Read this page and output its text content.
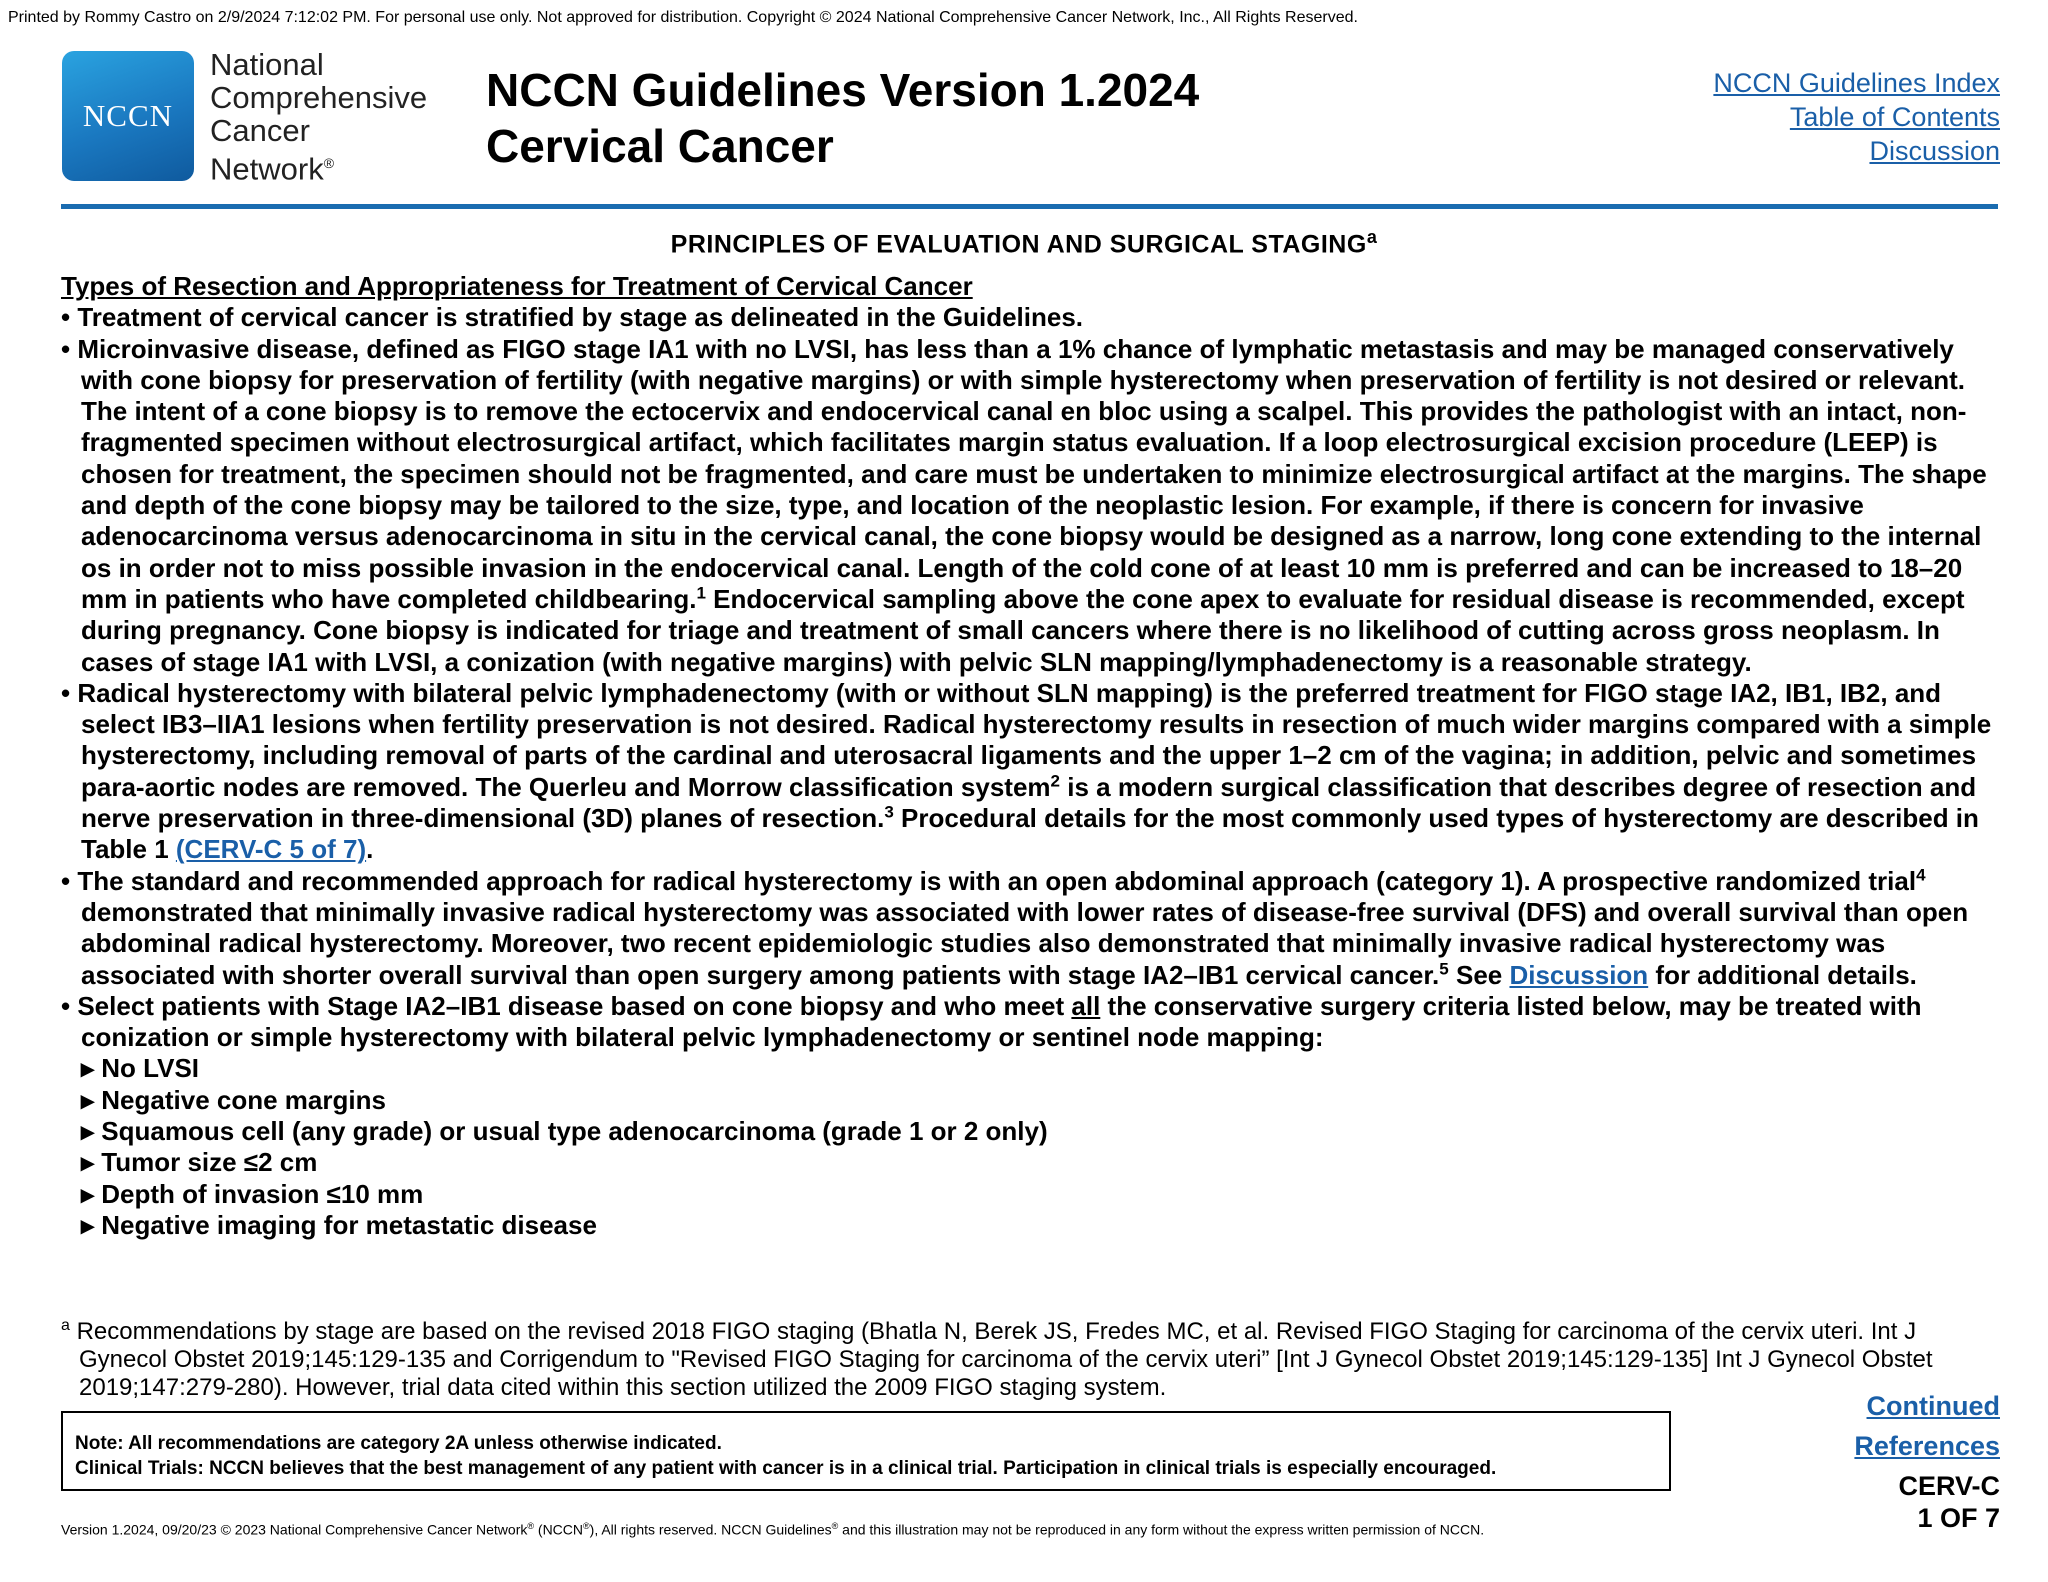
Printed by Rommy Castro on 2/9/2024 7:12:02 PM. For personal use only. Not approved for distribution. Copyright © 2024 National Comprehensive Cancer Network, Inc., All Rights Reserved.
NCCN
National
Comprehensive
Cancer
Network®
NCCN Guidelines Version 1.2024
Cervical Cancer
NCCN Guidelines Index
Table of Contents
Discussion
PRINCIPLES OF EVALUATION AND SURGICAL STAGING$^a$
Types of Resection and Appropriateness for Treatment of Cervical Cancer
• Treatment of cervical cancer is stratified by stage as delineated in the Guidelines.
• Microinvasive disease, defined as FIGO stage IA1 with no LVSI, has less than a 1% chance of lymphatic metastasis and may be managed conservatively with cone biopsy for preservation of fertility (with negative margins) or with simple hysterectomy when preservation of fertility is not desired or relevant. The intent of a cone biopsy is to remove the ectocervix and endocervical canal en bloc using a scalpel. This provides the pathologist with an intact, non-fragmented specimen without electrosurgical artifact, which facilitates margin status evaluation. If a loop electrosurgical excision procedure (LEEP) is chosen for treatment, the specimen should not be fragmented, and care must be undertaken to minimize electrosurgical artifact at the margins. The shape and depth of the cone biopsy may be tailored to the size, type, and location of the neoplastic lesion. For example, if there is concern for invasive adenocarcinoma versus adenocarcinoma in situ in the cervical canal, the cone biopsy would be designed as a narrow, long cone extending to the internal os in order not to miss possible invasion in the endocervical canal. Length of the cold cone of at least 10 mm is preferred and can be increased to 18–20 mm in patients who have completed childbearing.$^1$ Endocervical sampling above the cone apex to evaluate for residual disease is recommended, except during pregnancy. Cone biopsy is indicated for triage and treatment of small cancers where there is no likelihood of cutting across gross neoplasm. In cases of stage IA1 with LVSI, a conization (with negative margins) with pelvic SLN mapping/lymphadenectomy is a reasonable strategy.
• Radical hysterectomy with bilateral pelvic lymphadenectomy (with or without SLN mapping) is the preferred treatment for FIGO stage IA2, IB1, IB2, and select IB3–IIA1 lesions when fertility preservation is not desired. Radical hysterectomy results in resection of much wider margins compared with a simple hysterectomy, including removal of parts of the cardinal and uterosacral ligaments and the upper 1–2 cm of the vagina; in addition, pelvic and sometimes para-aortic nodes are removed. The Querleu and Morrow classification system$^2$ is a modern surgical classification that describes degree of resection and nerve preservation in three-dimensional (3D) planes of resection.$^3$ Procedural details for the most commonly used types of hysterectomy are described in Table 1 (CERV-C 5 of 7).
• The standard and recommended approach for radical hysterectomy is with an open abdominal approach (category 1). A prospective randomized trial$^4$ demonstrated that minimally invasive radical hysterectomy was associated with lower rates of disease-free survival (DFS) and overall survival than open abdominal radical hysterectomy. Moreover, two recent epidemiologic studies also demonstrated that minimally invasive radical hysterectomy was associated with shorter overall survival than open surgery among patients with stage IA2–IB1 cervical cancer.$^5$ See Discussion for additional details.
• Select patients with Stage IA2–IB1 disease based on cone biopsy and who meet all the conservative surgery criteria listed below, may be treated with conization or simple hysterectomy with bilateral pelvic lymphadenectomy or sentinel node mapping:
▸ No LVSI
▸ Negative cone margins
▸ Squamous cell (any grade) or usual type adenocarcinoma (grade 1 or 2 only)
▸ Tumor size ≤2 cm
▸ Depth of invasion ≤10 mm
▸ Negative imaging for metastatic disease
$^a$ Recommendations by stage are based on the revised 2018 FIGO staging (Bhatla N, Berek JS, Fredes MC, et al. Revised FIGO Staging for carcinoma of the cervix uteri. Int J Gynecol Obstet 2019;145:129-135 and Corrigendum to "Revised FIGO Staging for carcinoma of the cervix uteri” [Int J Gynecol Obstet 2019;145:129-135] Int J Gynecol Obstet 2019;147:279-280). However, trial data cited within this section utilized the 2009 FIGO staging system.
Note: All recommendations are category 2A unless otherwise indicated.
Clinical Trials: NCCN believes that the best management of any patient with cancer is in a clinical trial. Participation in clinical trials is especially encouraged.
Continued
References
CERV-C
1 OF 7
Version 1.2024, 09/20/23 © 2023 National Comprehensive Cancer Network® (NCCN®), All rights reserved. NCCN Guidelines® and this illustration may not be reproduced in any form without the express written permission of NCCN.
